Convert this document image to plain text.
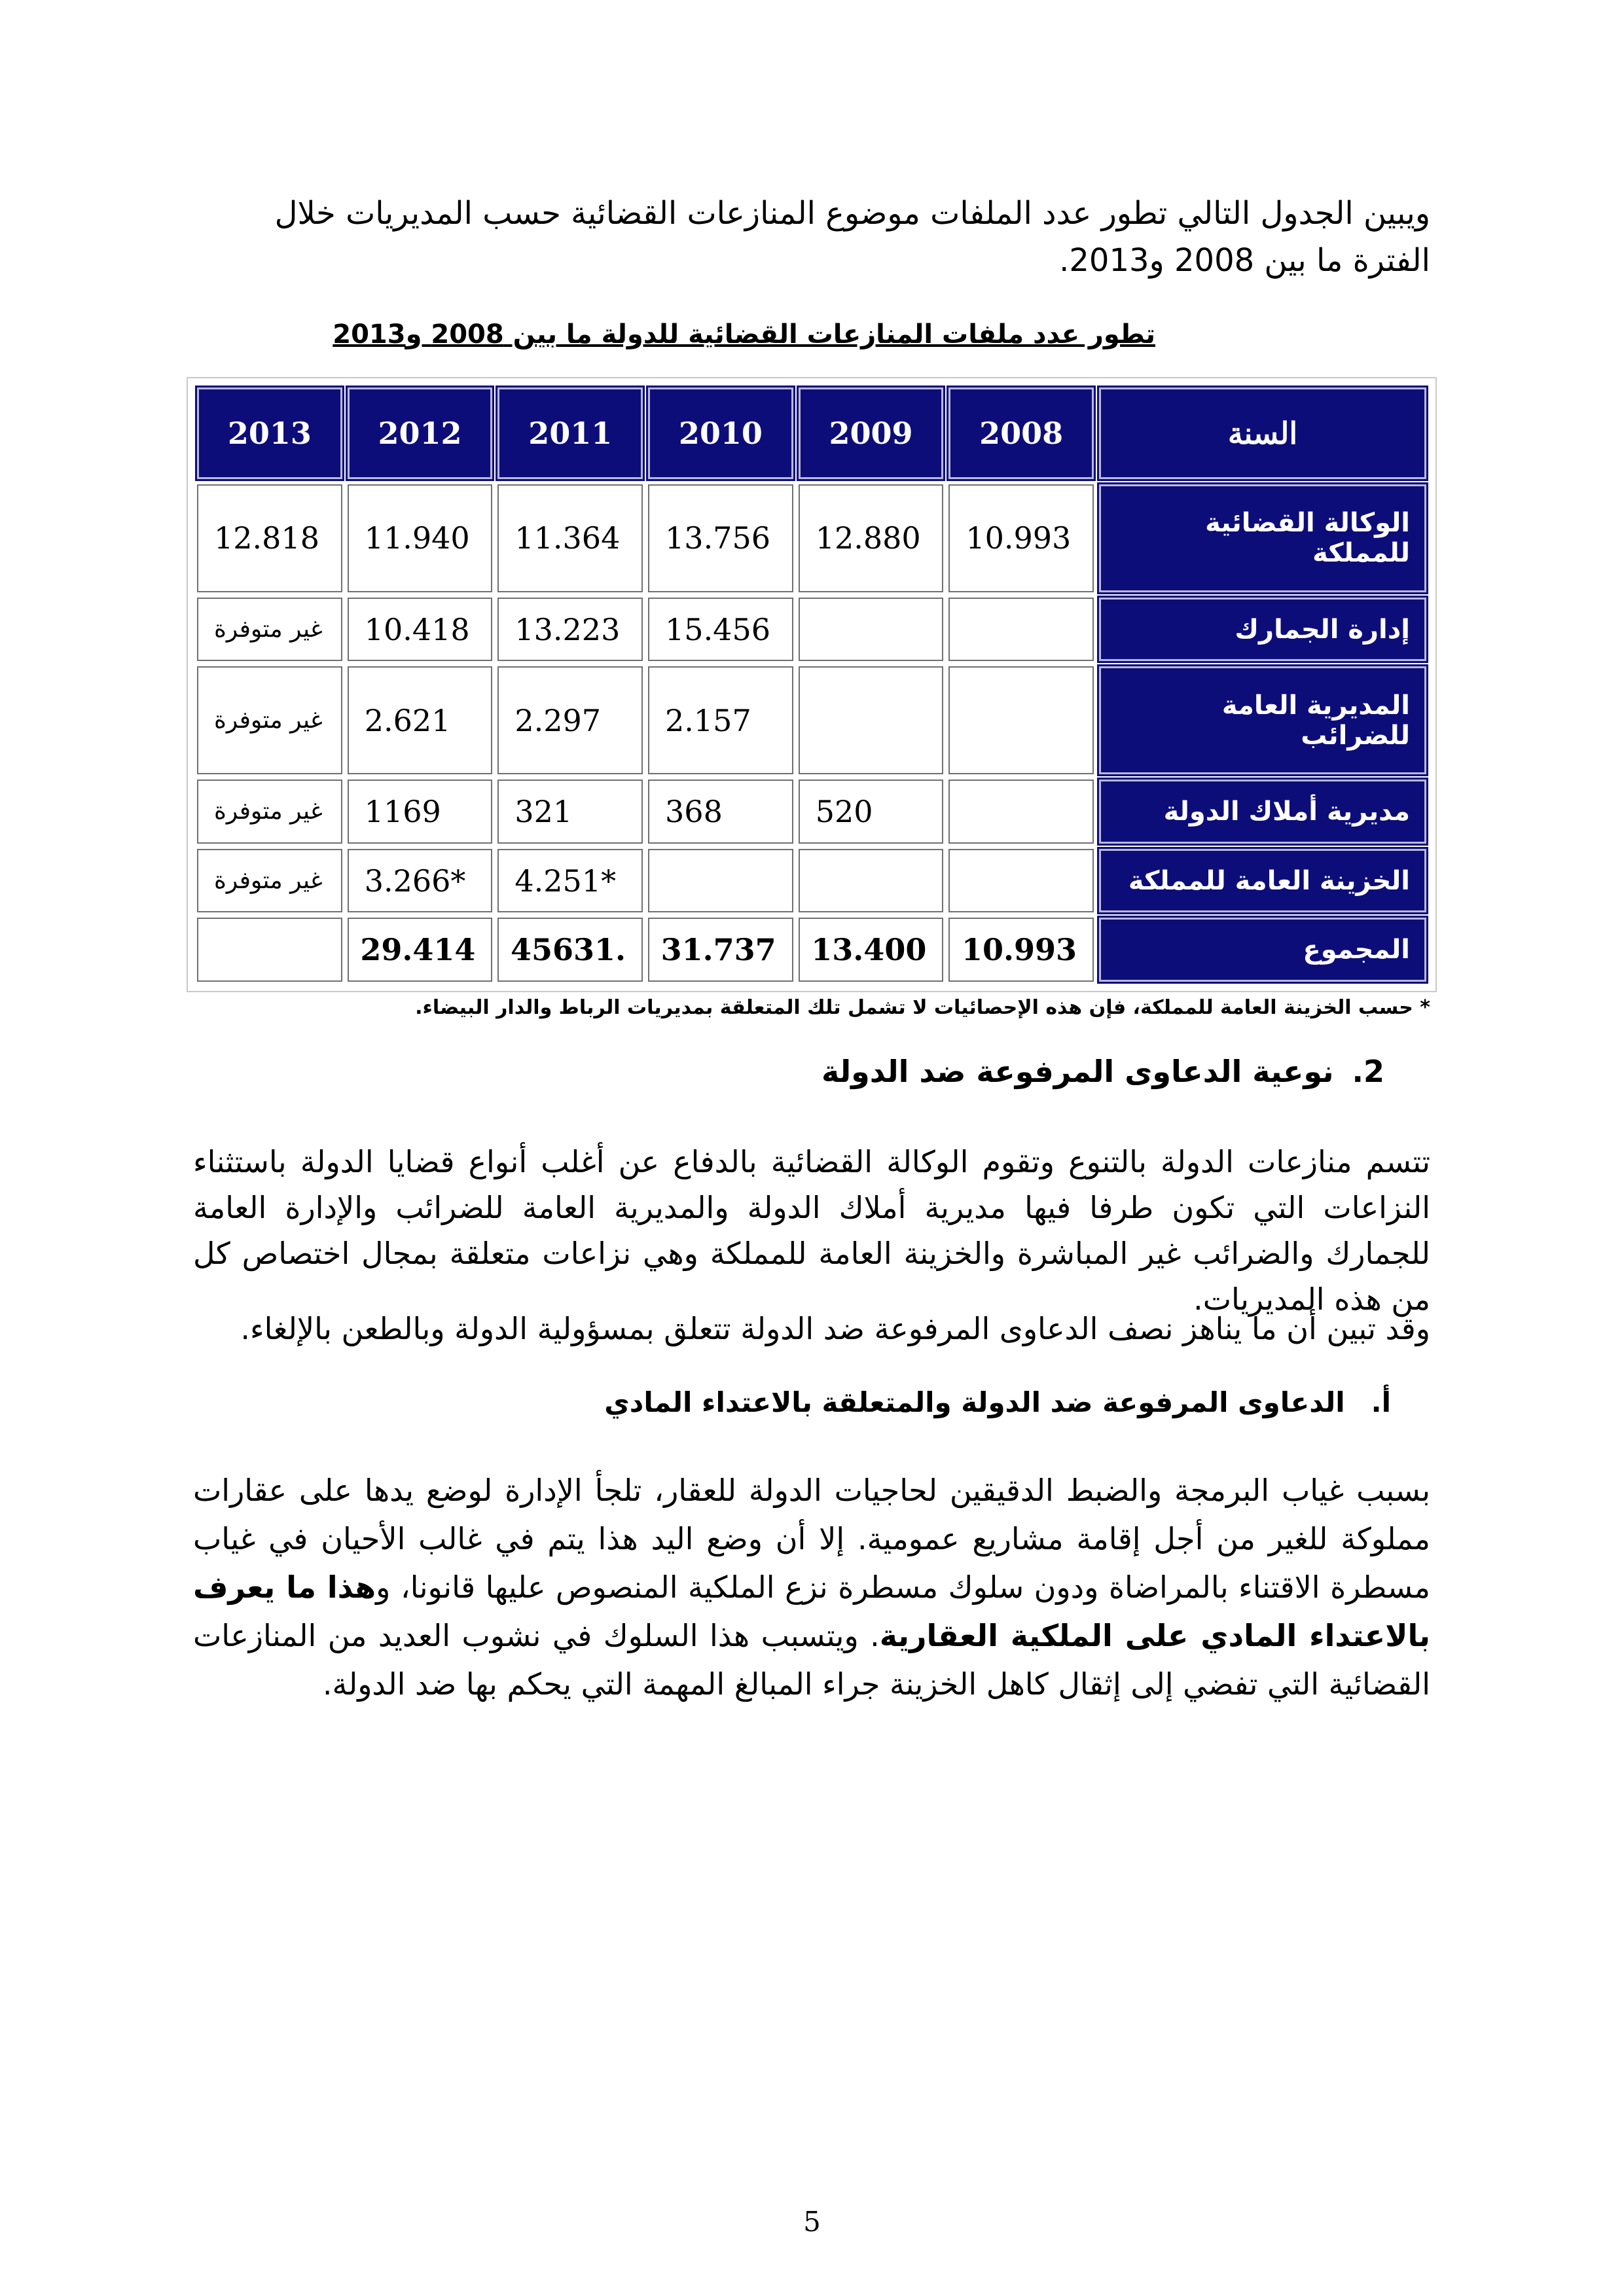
ويبين الجدول التالي تطور عدد الملفات موضوع المنازعات القضائية حسب المديريات خلال الفترة ما بين 2008 و2013.

تطور عدد ملفات المنازعات القضائية للدولة ما بين 2008 و2013

السنة	2008	2009	2010	2011	2012	2013
الوكالة القضائية للمملكة	10.993	12.880	13.756	11.364	11.940	12.818
إدارة الجمارك			15.456	13.223	10.418	غير متوفرة
المديرية العامة للضرائب			2.157	2.297	2.621	غير متوفرة
مديرية أملاك الدولة		520	368	321	1169	غير متوفرة
الخزينة العامة للمملكة				*4.251	*3.266	غير متوفرة
المجموع	10.993	13.400	31.737	.45631	29.414	

* حسب الخزينة العامة للمملكة، فإن هذه الإحصائيات لا تشمل تلك المتعلقة بمديريات الرباط والدار البيضاء.

2.نوعية الدعاوى المرفوعة ضد الدولة

تتسم منازعات الدولة بالتنوع وتقوم الوكالة القضائية بالدفاع عن أغلب أنواع قضايا الدولة باستثناء النزاعات التي تكون طرفا فيها مديرية أملاك الدولة والمديرية العامة للضرائب والإدارة العامة للجمارك والضرائب غير المباشرة والخزينة العامة للمملكة وهي نزاعات متعلقة بمجال اختصاص كل من هذه المديريات.

وقد تبين أن ما يناهز نصف الدعاوى المرفوعة ضد الدولة تتعلق بمسؤولية الدولة وبالطعن بالإلغاء.

أ.الدعاوى المرفوعة ضد الدولة والمتعلقة بالاعتداء المادي

بسبب غياب البرمجة والضبط الدقيقين لحاجيات الدولة للعقار، تلجأ الإدارة لوضع يدها على عقارات مملوكة للغير من أجل إقامة مشاريع عمومية. إلا أن وضع اليد هذا يتم في غالب الأحيان في غياب مسطرة الاقتناء بالمراضاة ودون سلوك مسطرة نزع الملكية المنصوص عليها قانونا، وهذا ما يعرف بالاعتداء المادي على الملكية العقارية. ويتسبب هذا السلوك في نشوب العديد من المنازعات القضائية التي تفضي إلى إثقال كاهل الخزينة جراء المبالغ المهمة التي يحكم بها ضد الدولة.

5
